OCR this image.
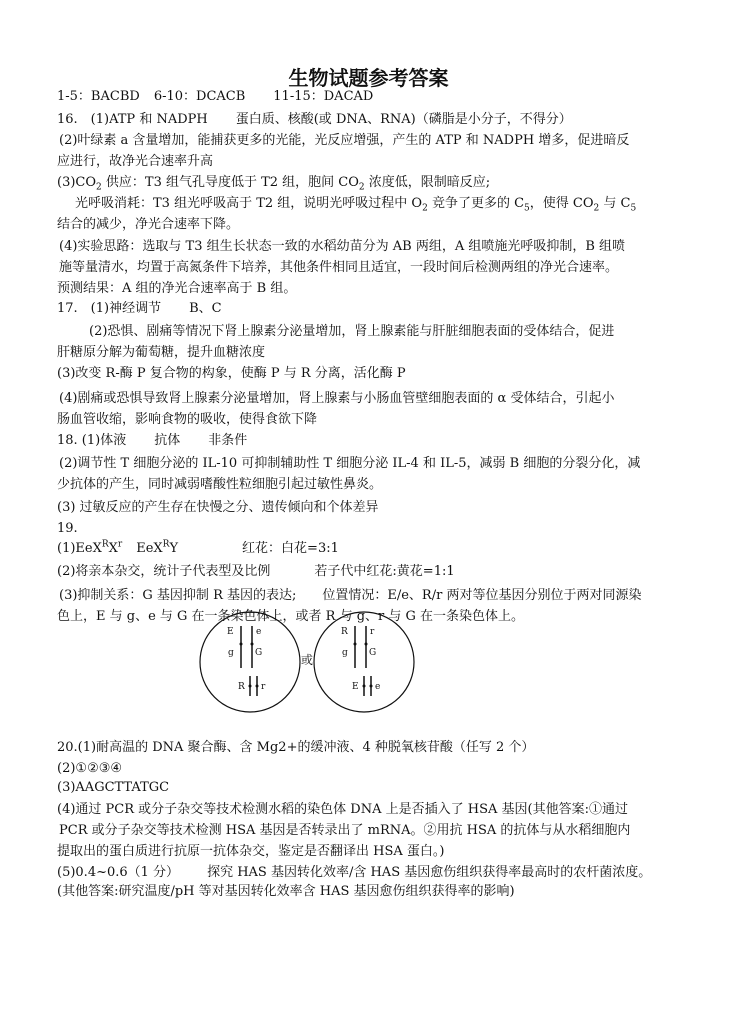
生物试题参考答案
1-5：BACBD 6-10：DCACB 11-15：DACAD
16.　(1)ATP 和 NADPH 蛋白质、核酸(或 DNA、RNA)（磷脂是小分子，不得分）
(2)叶绿素 a 含量增加，能捕获更多的光能，光反应增强，产生的 ATP 和 NADPH 增多，促进暗反
应进行，故净光合速率升高
$(3)CO_2$ 供应：T3 组气孔导度低于 T2 组，胞间 $CO_2$ 浓度低，限制暗反应;
光呼吸消耗：T3 组光呼吸高于 T2 组，说明光呼吸过程中 $O_2$ 竞争了更多的 $C_5$，使得 $CO_2$ 与 $C_5$
结合的减少，净光合速率下降。
(4)实验思路：选取与 T3 组生长状态一致的水稻幼苗分为 AB 两组，A 组喷施光呼吸抑制，B 组喷
施等量清水，均置于高氮条件下培养，其他条件相同且适宜，一段时间后检测两组的净光合速率。
预测结果：A 组的净光合速率高于 B 组。
17.　(1)神经调节 B、C
(2)恐惧、剧痛等情况下肾上腺素分泌量增加，肾上腺素能与肝脏细胞表面的受体结合，促进
肝糖原分解为葡萄糖，提升血糖浓度
(3)改变 R-酶 P 复合物的构象，使酶 P 与 R 分离，活化酶 P
(4)剧痛或恐惧导致肾上腺素分泌量增加，肾上腺素与小肠血管壁细胞表面的 α 受体结合，引起小
肠血管收缩，影响食物的吸收，使得食欲下降
18. (1)体液 抗体 非条件
(2)调节性 T 细胞分泌的 IL-10 可抑制辅助性 T 细胞分泌 IL-4 和 IL-5，减弱 B 细胞的分裂分化，减
少抗体的产生，同时减弱嗜酸性粒细胞引起过敏性鼻炎。
(3) 过敏反应的产生存在快慢之分、遗传倾向和个体差异
19.
$(1)EeX^RX^r$ EeX$^R$Y	红花：白花=3:1
(2)将亲本杂交，统计子代表型及比例	若子代中红花:黄花=1:1
(3)抑制关系：G 基因抑制 R 基因的表达;　　位置情况：E/e、R/r 两对等位基因分别位于两对同源染
色上，E 与 g、e 与 G 在一条染色体上，或者 R 与 g、r 与 G 在一条染色体上。
E e
g G
R r
或
R r
g G
E e
20.(1)耐高温的 DNA 聚合酶、含 Mg2+的缓冲液、4 种脱氧核苷酸（任写 2 个）
(2)①②③④
(3)AAGCTTATGC
(4)通过 PCR 或分子杂交等技术检测水稻的染色体 DNA 上是否插入了 HSA 基因(其他答案:①通过
PCR 或分子杂交等技术检测 HSA 基因是否转录出了 mRNA。②用抗 HSA 的抗体与从水稻细胞内
提取出的蛋白质进行抗原一抗体杂交，鉴定是否翻译出 HSA 蛋白。)
(5)0.4~0.6（1 分） 探究 HAS 基因转化效率/含 HAS 基因愈伤组织获得率最高时的农杆菌浓度。
(其他答案:研究温度/pH 等对基因转化效率含 HAS 基因愈伤组织获得率的影响)
